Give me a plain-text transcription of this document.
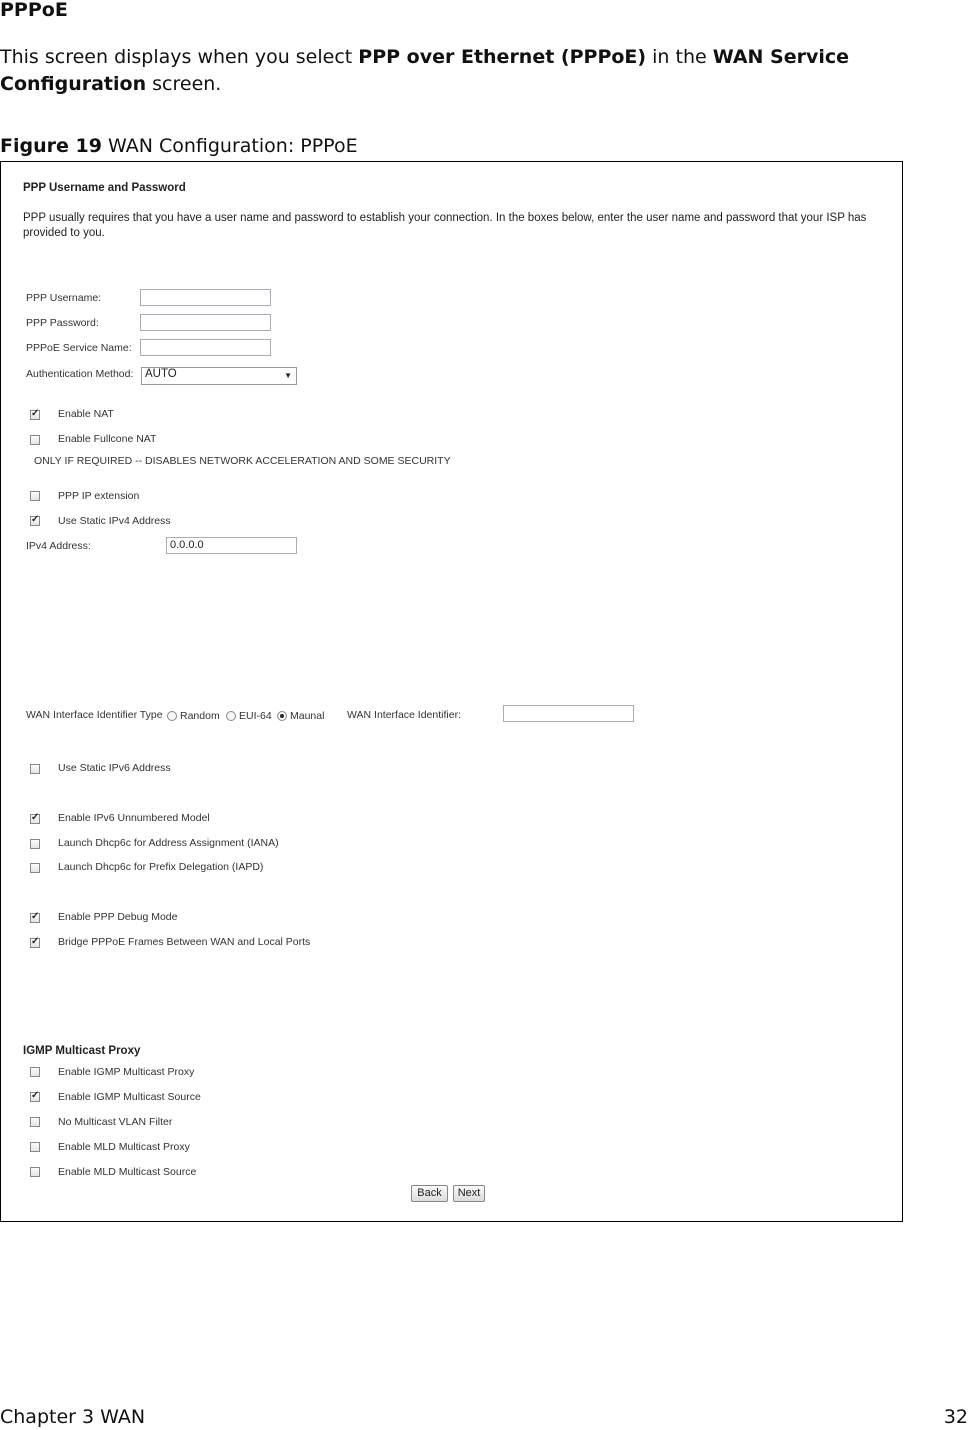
PPPoE
This screen displays when you select PPP over Ethernet (PPPoE) in the WAN Service Configuration screen.
Figure 19 WAN Configuration: PPPoE
PPP Username and Password
PPP usually requires that you have a user name and password to establish your connection. In the boxes below, enter the user name and password that your ISP has provided to you.
PPP Username:
PPP Password:
PPPoE Service Name:
Authentication Method:	AUTO	▼
✓
Enable NAT
Enable Fullcone NAT
ONLY IF REQUIRED -- DISABLES NETWORK ACCELERATION AND SOME SECURITY
PPP IP extension
✓
Use Static IPv4 Address
IPv4 Address:	0.0.0.0
WAN Interface Identifier Type Random EUI-64 Maunal WAN Interface Identifier:
Use Static IPv6 Address
✓
Enable IPv6 Unnumbered Model
Launch Dhcp6c for Address Assignment (IANA)
Launch Dhcp6c for Prefix Delegation (IAPD)
✓
Enable PPP Debug Mode
✓
Bridge PPPoE Frames Between WAN and Local Ports
IGMP Multicast Proxy
Enable IGMP Multicast Proxy
✓
Enable IGMP Multicast Source
No Multicast VLAN Filter
Enable MLD Multicast Proxy
Enable MLD Multicast Source
Back	Next
Chapter 3 WAN	32
